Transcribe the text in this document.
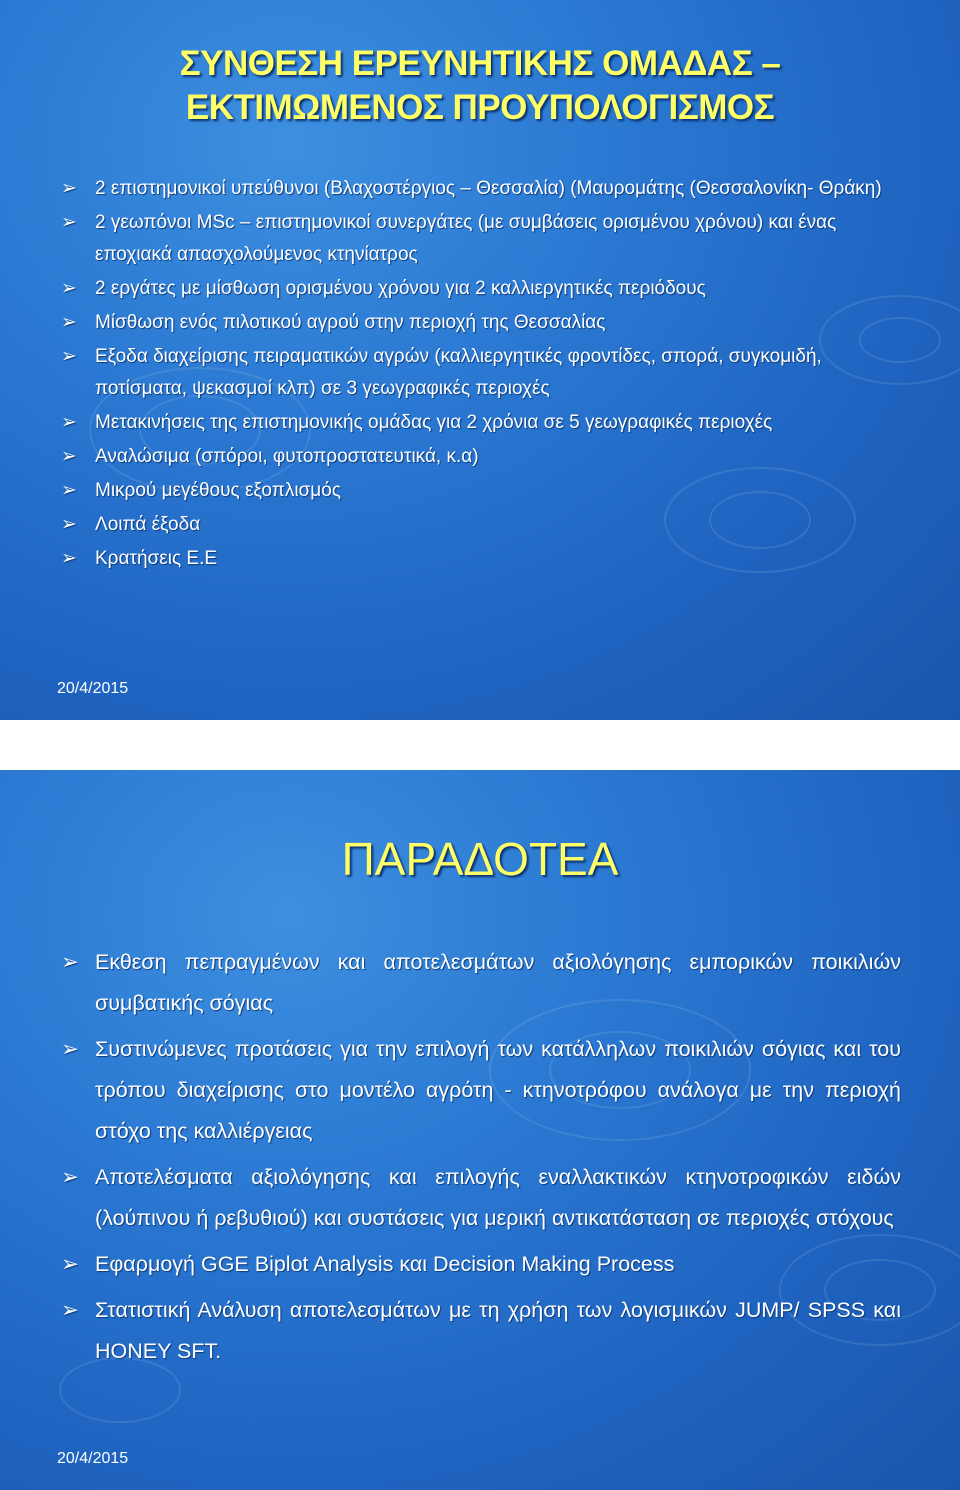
ΣΥΝΘΕΣΗ ΕΡΕΥΝΗΤΙΚΗΣ ΟΜΑΔΑΣ –
ΕΚΤΙΜΩΜΕΝΟΣ ΠΡΟΥΠΟΛΟΓΙΣΜΟΣ
➢ 2 επιστημονικοί υπεύθυνοι (Βλαχοστέργιος – Θεσσαλία) (Μαυρομάτης (Θεσσαλονίκη- Θράκη)
➢ 2 γεωπόνοι MSc – επιστημονικοί συνεργάτες (με συμβάσεις ορισμένου χρόνου) και ένας εποχιακά απασχολούμενος κτηνίατρος
➢ 2 εργάτες με μίσθωση ορισμένου χρόνου για 2 καλλιεργητικές περιόδους
➢ Μίσθωση ενός πιλοτικού αγρού στην περιοχή της Θεσσαλίας
➢ Εξοδα διαχείρισης πειραματικών αγρών (καλλιεργητικές φροντίδες, σπορά, συγκομιδή, ποτίσματα, ψεκασμοί κλπ) σε 3 γεωγραφικές περιοχές
➢ Μετακινήσεις της επιστημονικής ομάδας για 2 χρόνια σε 5 γεωγραφικές περιοχές
➢ Αναλώσιμα (σπόροι, φυτοπροστατευτικά, κ.α)
➢ Μικρού μεγέθους εξοπλισμός
➢ Λοιπά έξοδα
➢ Κρατήσεις Ε.Ε
20/4/2015
ΠΑΡΑΔΟΤΕΑ
➢ Εκθεση πεπραγμένων και αποτελεσμάτων αξιολόγησης εμπορικών ποικιλιών συμβατικής σόγιας
➢ Συστινώμενες προτάσεις για την επιλογή των κατάλληλων ποικιλιών σόγιας και του τρόπου διαχείρισης στο μοντέλο αγρότη - κτηνοτρόφου ανάλογα με την περιοχή στόχο της καλλιέργειας
➢ Αποτελέσματα αξιολόγησης και επιλογής εναλλακτικών κτηνοτροφικών ειδών (λούπινου ή ρεβυθιού) και συστάσεις για μερική αντικατάσταση σε περιοχές στόχους
➢ Εφαρμογή GGE Biplot Analysis και Decision Making Process
➢ Στατιστική Ανάλυση αποτελεσμάτων με τη χρήση των λογισμικών JUMP/ SPSS και HONEY SFT.
20/4/2015
